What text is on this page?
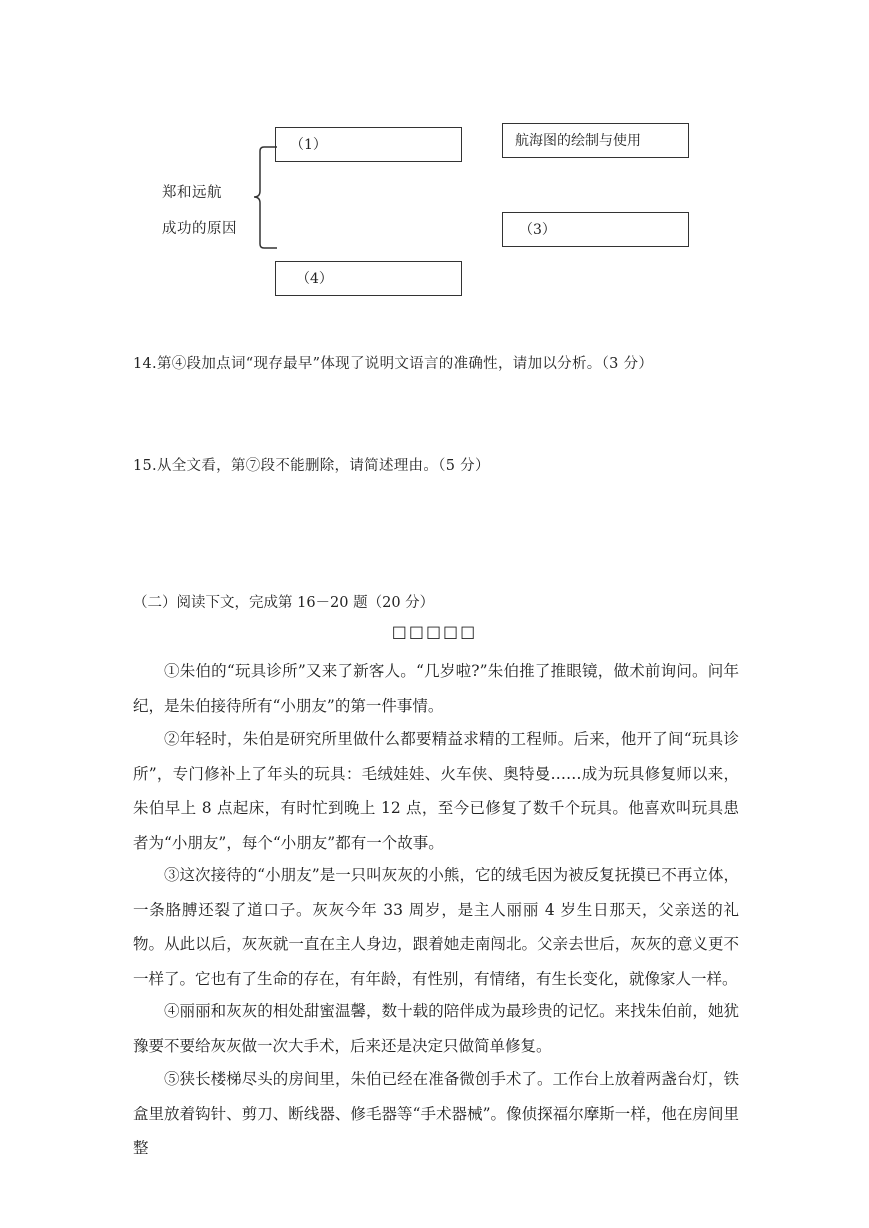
（1）	航海图的绘制与使用
（3）
（4）
郑和远航
成功的原因
14.第④段加点词“现存最早”体现了说明文语言的准确性，请加以分析。（3 分）
15.从全文看，第⑦段不能删除，请简述理由。（5 分）
（二）阅读下文，完成第 16－20 题（20 分）
□□□□□

①朱伯的“玩具诊所”又来了新客人。“几岁啦?”朱伯推了推眼镜，做术前询问。问年纪，是朱伯接待所有“小朋友”的第一件事情。

②年轻时，朱伯是研究所里做什么都要精益求精的工程师。后来，他开了间“玩具诊所”，专门修补上了年头的玩具：毛绒娃娃、火车侠、奥特曼……成为玩具修复师以来，朱伯早上 8 点起床，有时忙到晚上 12 点，至今已修复了数千个玩具。他喜欢叫玩具患者为“小朋友”，每个“小朋友”都有一个故事。

③这次接待的“小朋友”是一只叫灰灰的小熊，它的绒毛因为被反复抚摸已不再立体，一条胳膊还裂了道口子。灰灰今年 33 周岁，是主人丽丽 4 岁生日那天，父亲送的礼物。从此以后，灰灰就一直在主人身边，跟着她走南闯北。父亲去世后，灰灰的意义更不一样了。它也有了生命的存在，有年龄，有性别，有情绪，有生长变化，就像家人一样。

④丽丽和灰灰的相处甜蜜温馨，数十载的陪伴成为最珍贵的记忆。来找朱伯前，她犹豫要不要给灰灰做一次大手术，后来还是决定只做简单修复。

⑤狭长楼梯尽头的房间里，朱伯已经在准备微创手术了。工作台上放着两盏台灯，铁盒里放着钩针、剪刀、断线器、修毛器等“手术器械”。像侦探福尔摩斯一样，他在房间里整
